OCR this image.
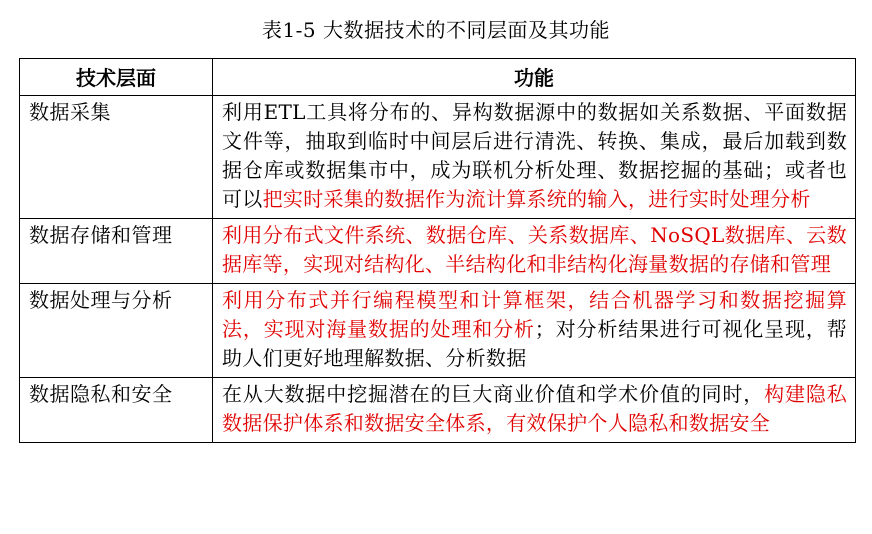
表1-5 大数据技术的不同层面及其功能
技术层面	功能
数据采集	利用ETL工具将分布的、异构数据源中的数据如关系数据、平面数据文件等，抽取到临时中间层后进行清洗、转换、集成，最后加载到数据仓库或数据集市中，成为联机分析处理、数据挖掘的基础；或者也可以把实时采集的数据作为流计算系统的输入，进行实时处理分析
数据存储和管理	利用分布式文件系统、数据仓库、关系数据库、NoSQL数据库、云数据库等，实现对结构化、半结构化和非结构化海量数据的存储和管理
数据处理与分析	利用分布式并行编程模型和计算框架，结合机器学习和数据挖掘算法，实现对海量数据的处理和分析；对分析结果进行可视化呈现，帮助人们更好地理解数据、分析数据
数据隐私和安全	在从大数据中挖掘潜在的巨大商业价值和学术价值的同时，构建隐私数据保护体系和数据安全体系，有效保护个人隐私和数据安全
